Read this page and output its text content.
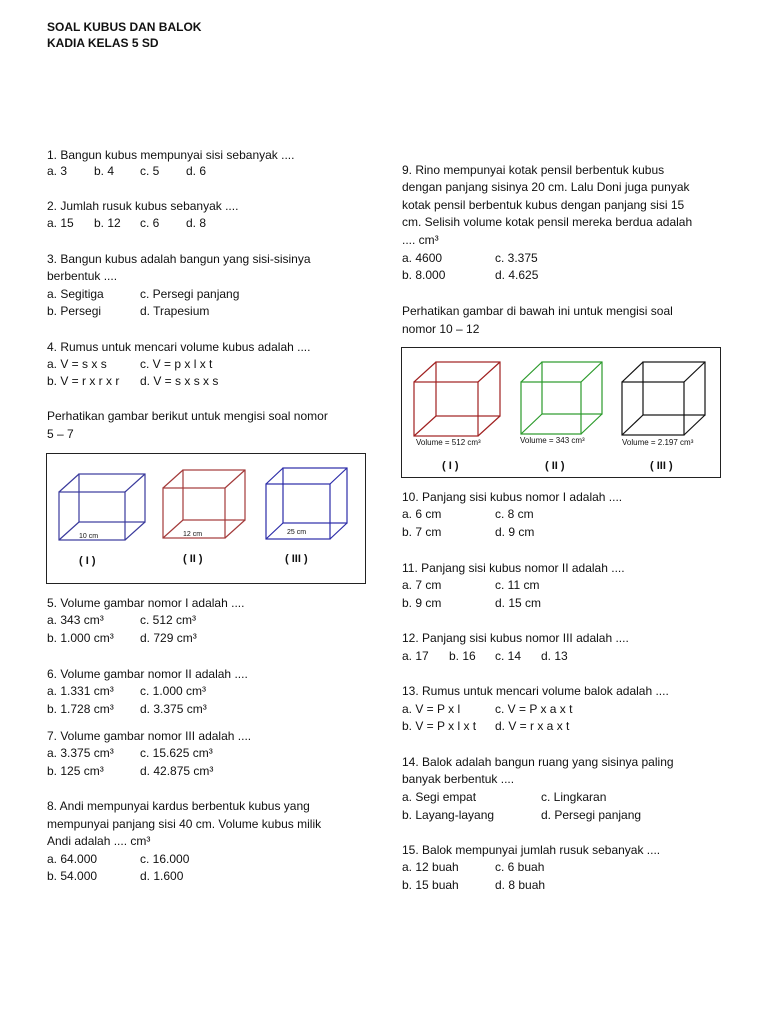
SOAL KUBUS DAN BALOK
KADIA KELAS 5 SD
1. Bangun kubus mempunyai sisi sebanyak ....
a. 3 b. 4 c. 5 d. 6
2. Jumlah rusuk kubus sebanyak ....
a. 15 b. 12 c. 6 d. 8
3. Bangun kubus adalah bangun yang sisi-sisinya
berbentuk ....
a. Segitiga	c. Persegi panjang
b. Persegi	d. Trapesium
4. Rumus untuk mencari volume kubus adalah ....
a. V = s x s	c. V = p x l x t
b. V = r x r x r d. V = s x s x s
Perhatikan gambar berikut untuk mengisi soal nomor
5 – 7
10 cm	12 cm	25 cm
( I )	( II )	( III )
5. Volume gambar nomor I adalah ....
a. 343 cm³	c. 512 cm³
b. 1.000 cm³ d. 729 cm³
6. Volume gambar nomor II adalah ....
a. 1.331 cm³ c. 1.000 cm³
b. 1.728 cm³ d. 3.375 cm³
7. Volume gambar nomor III adalah ....
a. 3.375 cm³ c. 15.625 cm³
b. 125 cm³	d. 42.875 cm³
8. Andi mempunyai kardus berbentuk kubus yang
mempunyai panjang sisi 40 cm. Volume kubus milik
Andi adalah .... cm³
a. 64.000	c. 16.000
b. 54.000	d. 1.600
9. Rino mempunyai kotak pensil berbentuk kubus
dengan panjang sisinya 20 cm. Lalu Doni juga punyak
kotak pensil berbentuk kubus dengan panjang sisi 15
cm. Selisih volume kotak pensil mereka berdua adalah
.... cm³
a. 4600	c. 3.375
b. 8.000	d. 4.625
Perhatikan gambar di bawah ini untuk mengisi soal
nomor 10 – 12
Volume = 512 cm³	Volume = 343 cm³	Volume = 2.197 cm³
( I )	( II )	( III )
10. Panjang sisi kubus nomor I adalah ....
a. 6 cm	c. 8 cm
b. 7 cm	d. 9 cm
11. Panjang sisi kubus nomor II adalah ....
a. 7 cm	c. 11 cm
b. 9 cm	d. 15 cm
12. Panjang sisi kubus nomor III adalah ....
a. 17 b. 16 c. 14 d. 13
13. Rumus untuk mencari volume balok adalah ....
a. V = P x l	c. V = P x a x t
b. V = P x l x t d. V = r x a x t
14. Balok adalah bangun ruang yang sisinya paling
banyak berbentuk ....
a. Segi empat	c. Lingkaran
b. Layang-layang	d. Persegi panjang
15. Balok mempunyai jumlah rusuk sebanyak ....
a. 12 buah	c. 6 buah
b. 15 buah	d. 8 buah
